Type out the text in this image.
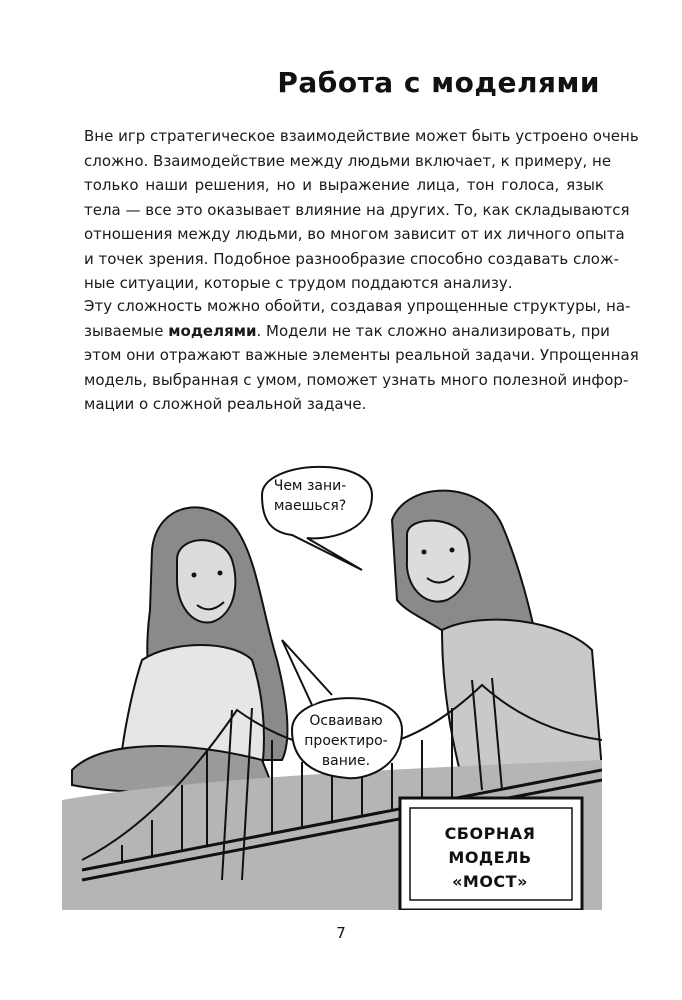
Работа с моделями
Вне игр стратегическое взаимодействие может быть устроено очень
сложно. Взаимодействие между людьми включает, к примеру, не
только наши решения, но и выражение лица, тон голоса, язык
тела — все это оказывает влияние на других. То, как складываются
отношения между людьми, во многом зависит от их личного опыта
и точек зрения. Подобное разнообразие способно создавать слож-
ные ситуации, которые с трудом поддаются анализу.
Эту сложность можно обойти, создавая упрощенные структуры, на-
зываемые моделями. Модели не так сложно анализировать, при
этом они отражают важные элементы реальной задачи. Упрощенная
модель, выбранная с умом, поможет узнать много полезной инфор-
мации о сложной реальной задаче.
Чем зани-
маешься?
Осваиваю
проектиро-
вание.
СБОРНАЯ
МОДЕЛЬ
«МОСТ»
7
